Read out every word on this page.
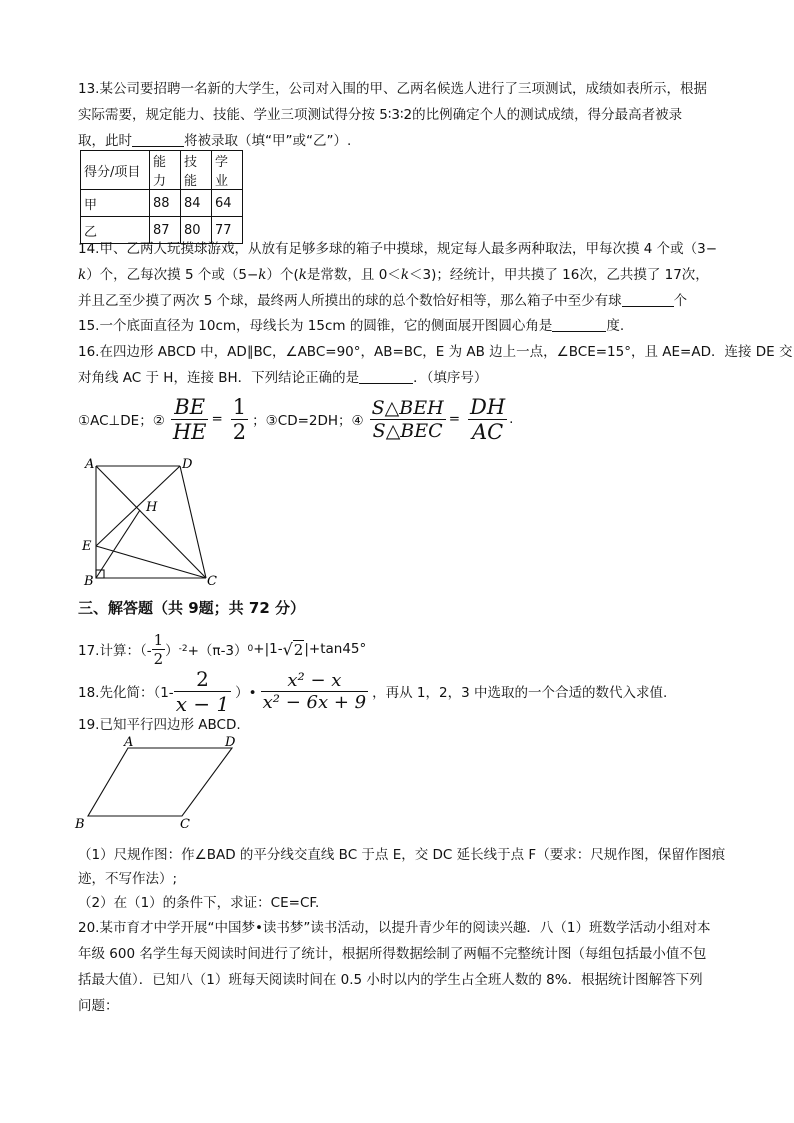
13.某公司要招聘一名新的大学生，公司对入围的甲、乙两名候选人进行了三项测试，成绩如表所示，根据
实际需要，规定能力、技能、学业三项测试得分按 5∶3∶2的比例确定个人的测试成绩，得分最高者被录
取，此时	将被录取（填“甲”或“乙”）.
得分/项目	能力	技能	学业
甲	88	84	64
乙	87	80	77
14.甲、乙两人玩摸球游戏，从放有足够多球的箱子中摸球，规定每人最多两种取法，甲每次摸 4 个或（3−
k）个，乙每次摸 5 个或（5−k）个(k是常数，且 0＜k＜3)；经统计，甲共摸了 16次，乙共摸了 17次，
并且乙至少摸了两次 5 个球，最终两人所摸出的球的总个数恰好相等，那么箱子中至少有球	个
15.一个底面直径为 10cm，母线长为 15cm 的圆锥，它的侧面展开图圆心角是	度.
16.在四边形 ABCD 中，AD∥BC，∠ABC=90°，AB=BC，E 为 AB 边上一点，∠BCE=15°，且 AE=AD．连接 DE 交
对角线 AC 于 H，连接 BH．下列结论正确的是	．（填序号）
①AC⊥DE；② $\frac{BE}{HE} = \frac{1}{2}$ ；③CD=2DH；④ $\frac{\text{S△BEH}}{\text{S△BEC}} = \frac{DH}{AC}$ .
A	D
H
E
B	C
三、解答题（共 9题；共 72 分）
17.计算：（- $\frac{1}{2}$ ） -2 +（π-3） 0 +|1- √ 2 |+tan45°
18.先化简：（$1- \frac{2}{x - 1}$ ）• $\frac{\text{x² − x}}{\text{x² − 6x + 9}}$ ，再从 1，2，3 中选取的一个合适的数代入求值.
19.已知平行四边形 ABCD.
A	D
B	C
（1）尺规作图：作∠BAD 的平分线交直线 BC 于点 E，交 DC 延长线于点 F（要求：尺规作图，保留作图痕
迹，不写作法）;
（2）在（1）的条件下，求证：CE=CF.
20.某市育才中学开展“中国梦•读书梦”读书活动，以提升青少年的阅读兴趣．八（1）班数学活动小组对本
年级 600 名学生每天阅读时间进行了统计，根据所得数据绘制了两幅不完整统计图（每组包括最小值不包
括最大值）．已知八（1）班每天阅读时间在 0.5 小时以内的学生占全班人数的 8%．根据统计图解答下列
问题：
